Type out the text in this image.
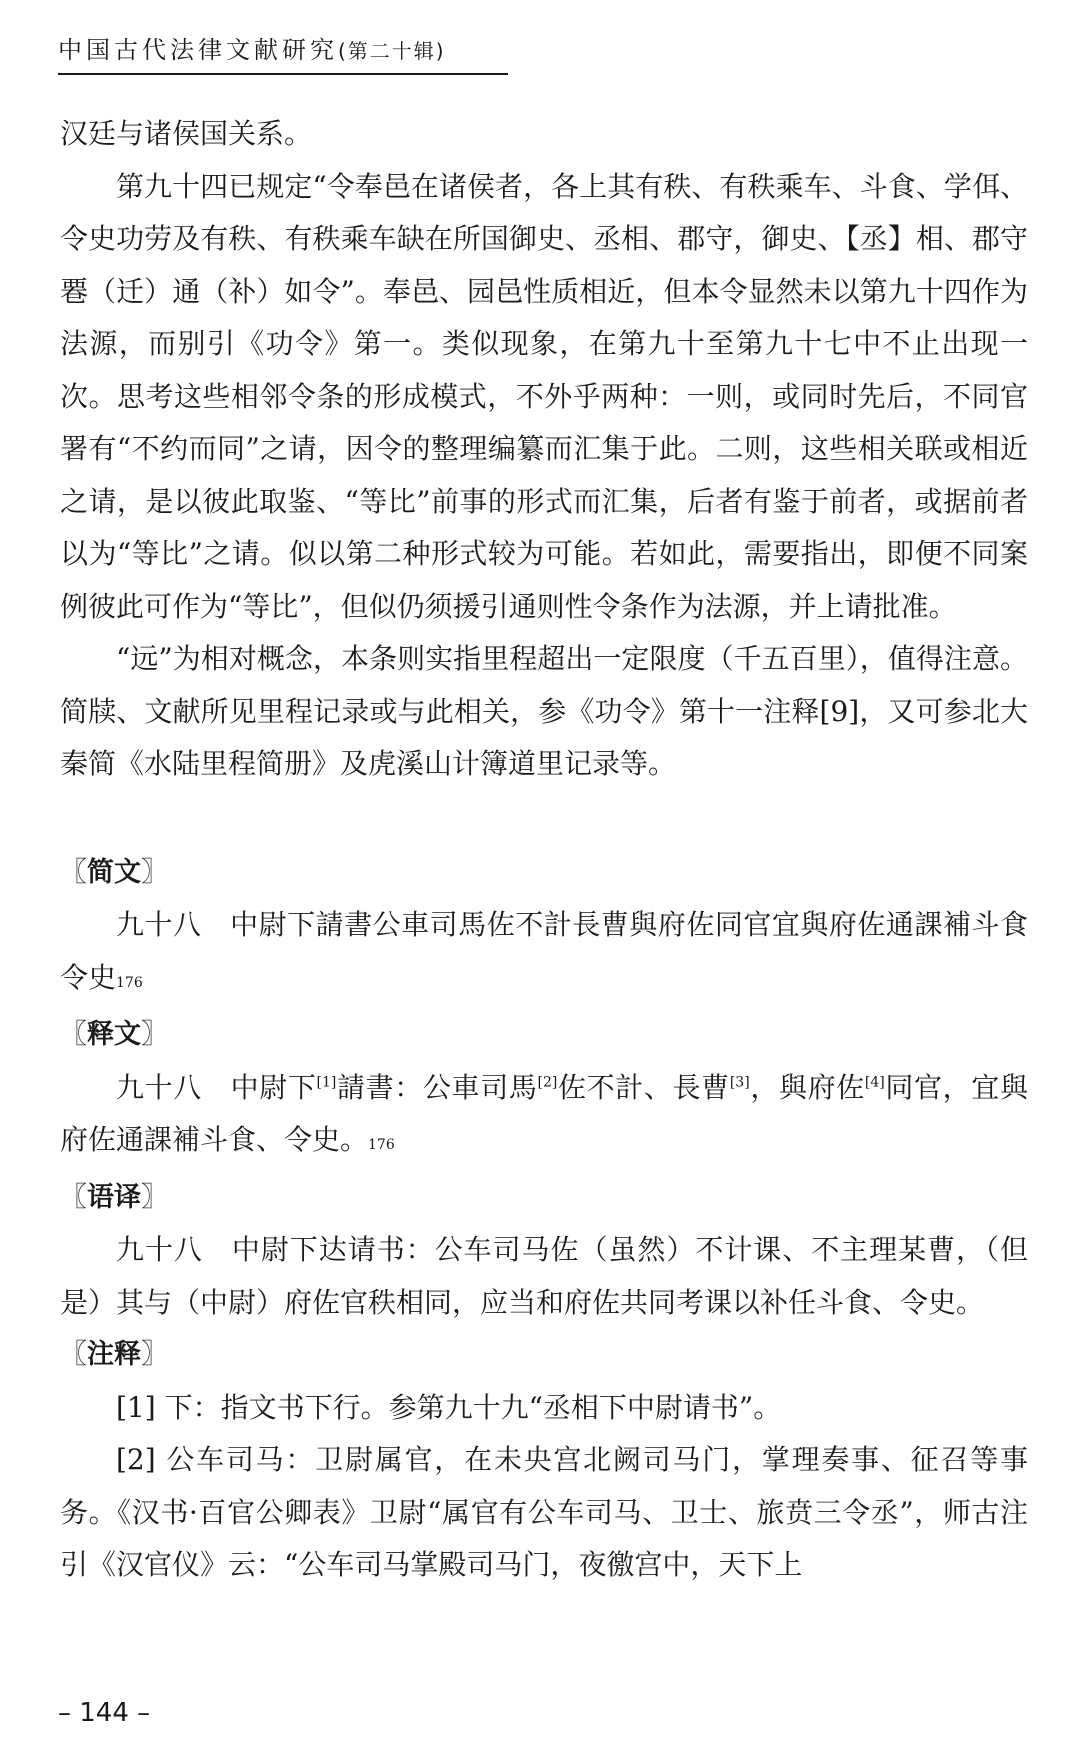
中国古代法律文献研究(第二十辑)

汉廷与诸侯国关系。

第九十四已规定“令奉邑在诸侯者，各上其有秩、有秩乘车、斗食、学佴、令史功劳及有秩、有秩乘车缺在所国御史、丞相、郡守，御史、【丞】相、郡守䙴（迁）通（补）如令”。奉邑、园邑性质相近，但本令显然未以第九十四作为法源，而别引《功令》第一。类似现象，在第九十至第九十七中不止出现一次。思考这些相邻令条的形成模式，不外乎两种：一则，或同时先后，不同官署有“不约而同”之请，因令的整理编纂而汇集于此。二则，这些相关联或相近之请，是以彼此取鉴、“等比”前事的形式而汇集，后者有鉴于前者，或据前者以为“等比”之请。似以第二种形式较为可能。若如此，需要指出，即便不同案例彼此可作为“等比”，但似仍须援引通则性令条作为法源，并上请批准。

“远”为相对概念，本条则实指里程超出一定限度（千五百里），值得注意。简牍、文献所见里程记录或与此相关，参《功令》第十一注释[9]，又可参北大秦简《水陆里程简册》及虎溪山计簿道里记录等。

〖简文〗

九十八　中尉下請書公車司馬佐不計長曹與府佐同官宜與府佐通課補斗食令史176

〖释文〗

九十八　中尉下[1]請書：公車司馬[2]佐不計、長曹[3]，與府佐[4]同官，宜與府佐通課補斗食、令史。176

〖语译〗

九十八　中尉下达请书：公车司马佐（虽然）不计课、不主理某曹，（但是）其与（中尉）府佐官秩相同，应当和府佐共同考课以补任斗食、令史。

〖注释〗

[1] 下：指文书下行。参第九十九“丞相下中尉请书”。

[2] 公车司马：卫尉属官，在未央宫北阙司马门，掌理奏事、征召等事务。《汉书·百官公卿表》卫尉“属官有公车司马、卫士、旅贲三令丞”，师古注引《汉官仪》云：“公车司马掌殿司马门，夜徼宫中，天下上

– 144 –
